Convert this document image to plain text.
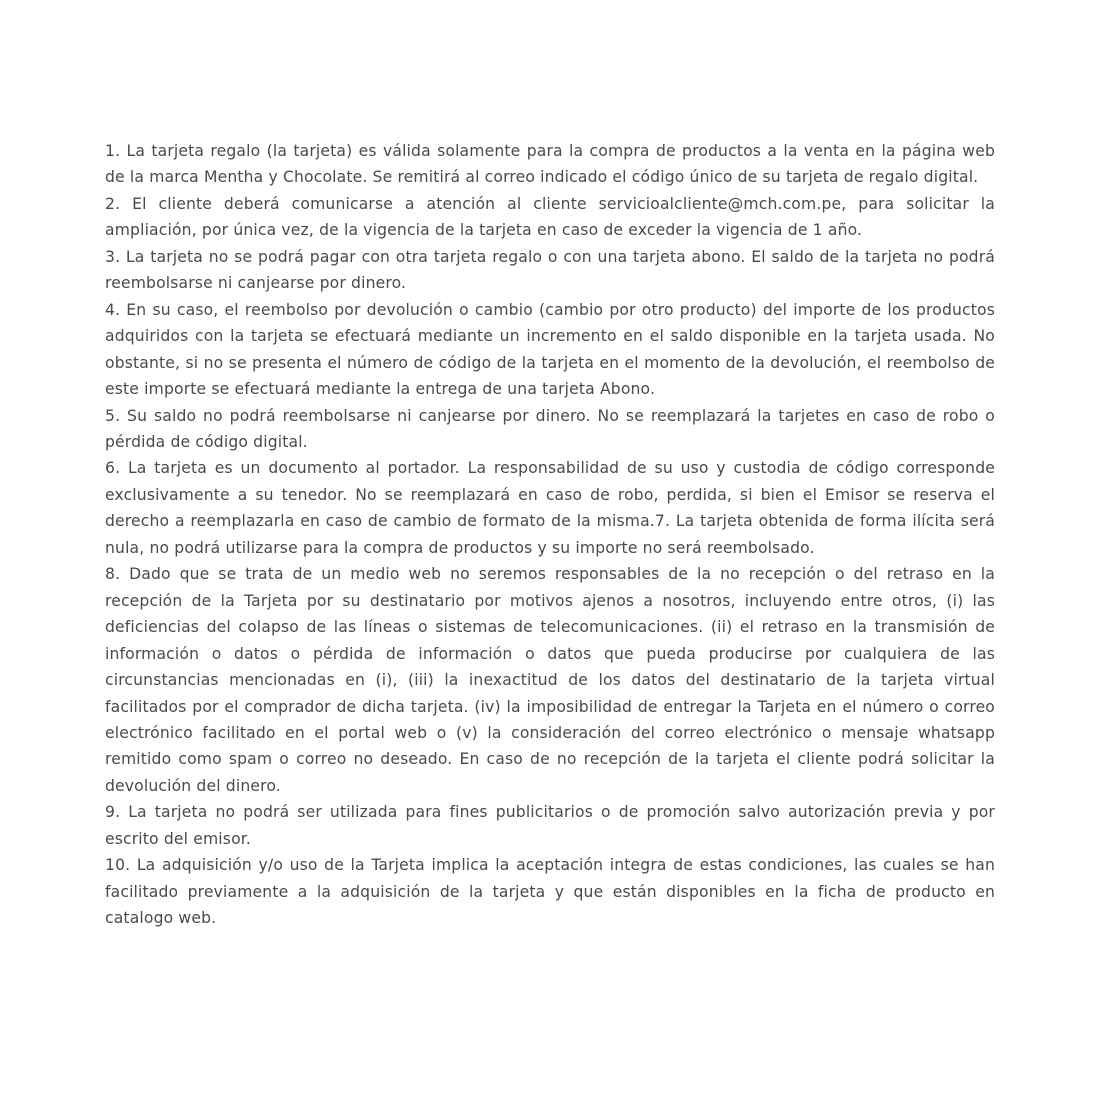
1. La tarjeta regalo (la tarjeta) es válida solamente para la compra de productos a la venta en la página web de la marca Mentha y Chocolate. Se remitirá al correo indicado el código único de su tarjeta de regalo digital.

2. El cliente deberá comunicarse a atención al cliente servicioalcliente@mch.com.pe, para solicitar la ampliación, por única vez, de la vigencia de la tarjeta en caso de exceder la vigencia de 1 año.

3. La tarjeta no se podrá pagar con otra tarjeta regalo o con una tarjeta abono. El saldo de la tarjeta no podrá reembolsarse ni canjearse por dinero.

4. En su caso, el reembolso por devolución o cambio (cambio por otro producto) del importe de los productos adquiridos con la tarjeta se efectuará mediante un incremento en el saldo disponible en la tarjeta usada. No obstante, si no se presenta el número de código de la tarjeta en el momento de la devolución, el reembolso de este importe se efectuará mediante la entrega de una tarjeta Abono.

5. Su saldo no podrá reembolsarse ni canjearse por dinero. No se reemplazará la tarjetes en caso de robo o pérdida de código digital.

6. La tarjeta es un documento al portador. La responsabilidad de su uso y custodia de código corresponde exclusivamente a su tenedor. No se reemplazará en caso de robo, perdida, si bien el Emisor se reserva el derecho a reemplazarla en caso de cambio de formato de la misma.7. La tarjeta obtenida de forma ilícita será nula, no podrá utilizarse para la compra de productos y su importe no será reembolsado.

8. Dado que se trata de un medio web no seremos responsables de la no recepción o del retraso en la recepción de la Tarjeta por su destinatario por motivos ajenos a nosotros, incluyendo entre otros, (i) las deficiencias del colapso de las líneas o sistemas de telecomunicaciones. (ii) el retraso en la transmisión de información o datos o pérdida de información o datos que pueda producirse por cualquiera de las circunstancias mencionadas en (i), (iii) la inexactitud de los datos del destinatario de la tarjeta virtual facilitados por el comprador de dicha tarjeta. (iv) la imposibilidad de entregar la Tarjeta en el número o correo electrónico facilitado en el portal web o (v) la consideración del correo electrónico o mensaje whatsapp remitido como spam o correo no deseado. En caso de no recepción de la tarjeta el cliente podrá solicitar la devolución del dinero.

9. La tarjeta no podrá ser utilizada para fines publicitarios o de promoción salvo autorización previa y por escrito del emisor.

10. La adquisición y/o uso de la Tarjeta implica la aceptación integra de estas condiciones, las cuales se han facilitado previamente a la adquisición de la tarjeta y que están disponibles en la ficha de producto en catalogo web.
